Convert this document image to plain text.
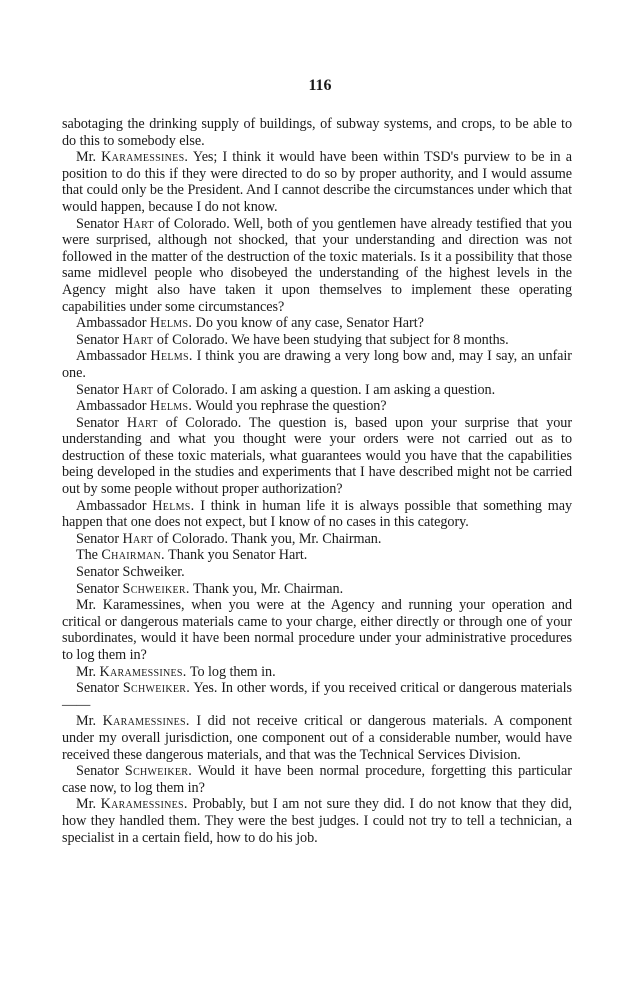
116

sabotaging the drinking supply of buildings, of subway systems, and crops, to be able to do this to somebody else.

Mr. Karamessines. Yes; I think it would have been within TSD's purview to be in a position to do this if they were directed to do so by proper authority, and I would assume that could only be the President. And I cannot describe the circumstances under which that would happen, because I do not know.

Senator Hart of Colorado. Well, both of you gentlemen have already testified that you were surprised, although not shocked, that your understanding and direction was not followed in the matter of the destruction of the toxic materials. Is it a possibility that those same midlevel people who disobeyed the understanding of the highest levels in the Agency might also have taken it upon themselves to implement these operating capabilities under some circumstances?

Ambassador Helms. Do you know of any case, Senator Hart?

Senator Hart of Colorado. We have been studying that subject for 8 months.

Ambassador Helms. I think you are drawing a very long bow and, may I say, an unfair one.

Senator Hart of Colorado. I am asking a question. I am asking a question.

Ambassador Helms. Would you rephrase the question?

Senator Hart of Colorado. The question is, based upon your surprise that your understanding and what you thought were your orders were not carried out as to destruction of these toxic materials, what guarantees would you have that the capabilities being developed in the studies and experiments that I have described might not be carried out by some people without proper authorization?

Ambassador Helms. I think in human life it is always possible that something may happen that one does not expect, but I know of no cases in this category.

Senator Hart of Colorado. Thank you, Mr. Chairman.

The Chairman. Thank you Senator Hart.

Senator Schweiker.

Senator Schweiker. Thank you, Mr. Chairman.

Mr. Karamessines, when you were at the Agency and running your operation and critical or dangerous materials came to your charge, either directly or through one of your subordinates, would it have been normal procedure under your administrative procedures to log them in?

Mr. Karamessines. To log them in.

Senator Schweiker. Yes. In other words, if you received critical or dangerous materials——

Mr. Karamessines. I did not receive critical or dangerous materials. A component under my overall jurisdiction, one component out of a considerable number, would have received these dangerous materials, and that was the Technical Services Division.

Senator Schweiker. Would it have been normal procedure, forgetting this particular case now, to log them in?

Mr. Karamessines. Probably, but I am not sure they did. I do not know that they did, how they handled them. They were the best judges. I could not try to tell a technician, a specialist in a certain field, how to do his job.
